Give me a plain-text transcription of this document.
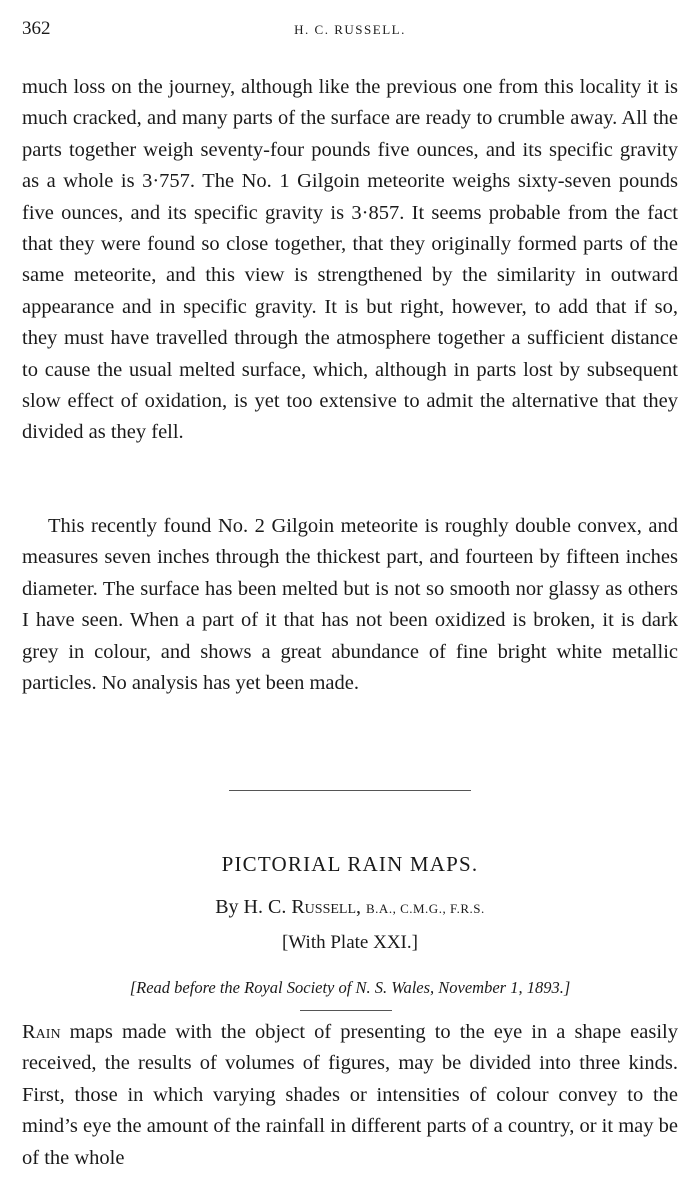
362	H. C. RUSSELL.

much loss on the journey, although like the previous one from this locality it is much cracked, and many parts of the surface are ready to crumble away. All the parts together weigh seventy-four pounds five ounces, and its specific gravity as a whole is 3·757. The No. 1 Gilgoin meteorite weighs sixty-seven pounds five ounces, and its specific gravity is 3·857. It seems probable from the fact that they were found so close together, that they originally formed parts of the same meteorite, and this view is strengthened by the similarity in outward appearance and in specific gravity. It is but right, however, to add that if so, they must have travelled through the atmosphere together a sufficient distance to cause the usual melted surface, which, although in parts lost by subsequent slow effect of oxidation, is yet too extensive to admit the alternative that they divided as they fell.

This recently found No. 2 Gilgoin meteorite is roughly double convex, and measures seven inches through the thickest part, and fourteen by fifteen inches diameter. The surface has been melted but is not so smooth nor glassy as others I have seen. When a part of it that has not been oxidized is broken, it is dark grey in colour, and shows a great abundance of fine bright white metallic particles. No analysis has yet been made.

PICTORIAL RAIN MAPS.
By H. C. Russell, B.A., C.M.G., F.R.S.
[With Plate XXI.]
[Read before the Royal Society of N. S. Wales, November 1, 1893.]

Rain maps made with the object of presenting to the eye in a shape easily received, the results of volumes of figures, may be divided into three kinds. First, those in which varying shades or intensities of colour convey to the mind’s eye the amount of the rainfall in different parts of a country, or it may be of the whole
